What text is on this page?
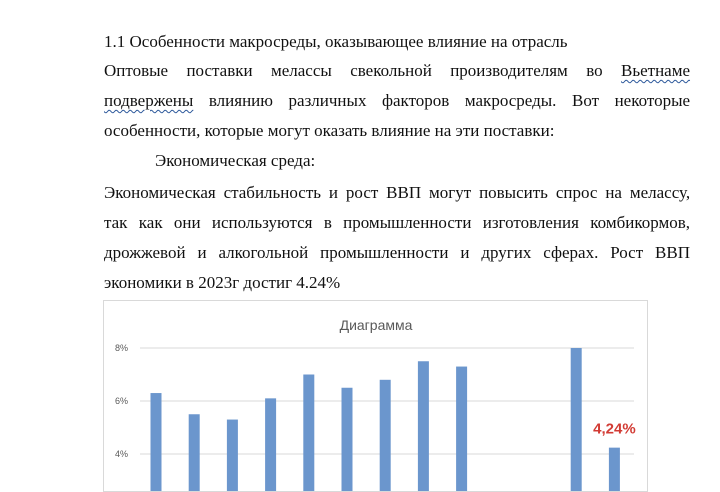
1.1 Особенности макросреды, оказывающее влияние на отрасль
Оптовые поставки мелассы свекольной производителям во Вьетнаме
подвержены влиянию различных факторов макросреды. Вот некоторые
особенности, которые могут оказать влияние на эти поставки:
Экономическая среда:
Экономическая стабильность и рост ВВП могут повысить спрос на мелассу,
так как они используются в промышленности изготовления комбикормов,
дрожжевой и алкогольной промышленности и других сферах. Рост ВВП
экономики в 2023г достиг 4.24%
Диаграмма
8%
6%
4%
4,24%
